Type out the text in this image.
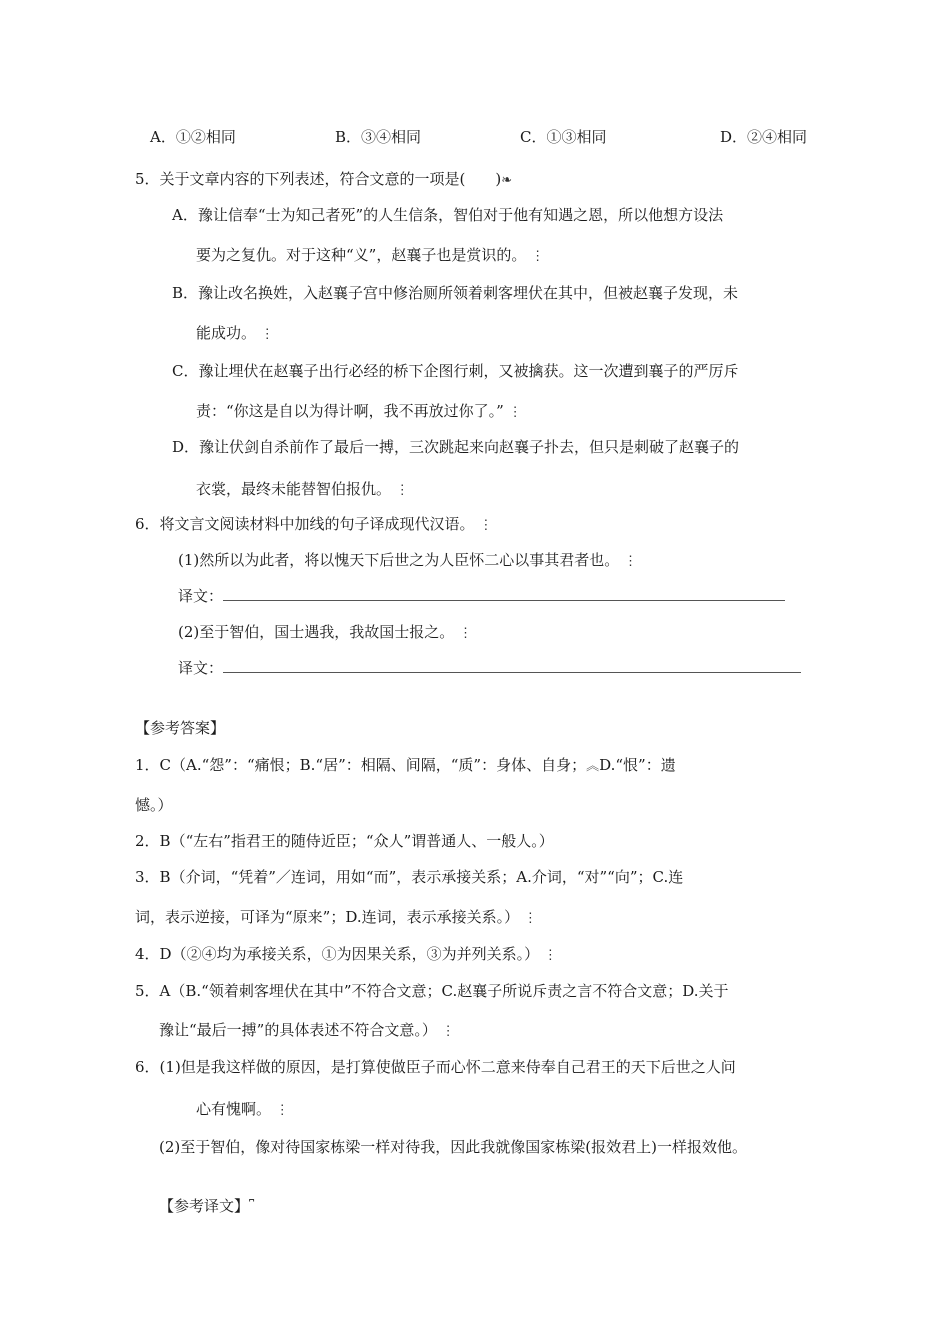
A．①②相同	B．③④相同	C．①③相同	D．②④相同
5．关于文章内容的下列表述，符合文意的一项是(　　)❧
A．豫让信奉“士为知己者死”的人生信条，智伯对于他有知遇之恩，所以他想方设法
要为之复仇。对于这种“义”，赵襄子也是赏识的。 ⋮
B．豫让改名换姓，入赵襄子宫中修治厕所领着刺客埋伏在其中，但被赵襄子发现，未
能成功。 ⋮
C．豫让埋伏在赵襄子出行必经的桥下企图行刺，又被擒获。这一次遭到襄子的严厉斥
责：“你这是自以为得计啊，我不再放过你了。” ⋮
D．豫让伏剑自杀前作了最后一搏，三次跳起来向赵襄子扑去，但只是刺破了赵襄子的
衣裳，最终未能替智伯报仇。 ⋮
6．将文言文阅读材料中加线的句子译成现代汉语。 ⋮
(1)然所以为此者，将以愧天下后世之为人臣怀二心以事其君者也。 ⋮
译文：
(2)至于智伯，国士遇我，我故国士报之。 ⋮
译文：
【参考答案】
1．C（A.“怨”：“痛恨；B.“居”：相隔、间隔，“质”：身体、自身；︽D.“恨”：遗
憾。）
2．B（“左右”指君王的随侍近臣；“众人”谓普通人、一般人。）
3．B（介词，“凭着”／连词，用如“而”，表示承接关系；A.介词，“对”“向”；C.连
词，表示逆接，可译为“原来”；D.连词，表示承接关系。） ⋮
4．D（②④均为承接关系，①为因果关系，③为并列关系。） ⋮
5．A（B.“领着刺客埋伏在其中”不符合文意；C.赵襄子所说斥责之言不符合文意；D.关于
豫让“最后一搏”的具体表述不符合文意。） ⋮
6．(1)但是我这样做的原因，是打算使做臣子而心怀二意来侍奉自己君王的天下后世之人问
心有愧啊。 ⋮
(2)至于智伯，像对待国家栋梁一样对待我，因此我就像国家栋梁(报效君上)一样报效他。
【参考译文】⎴
